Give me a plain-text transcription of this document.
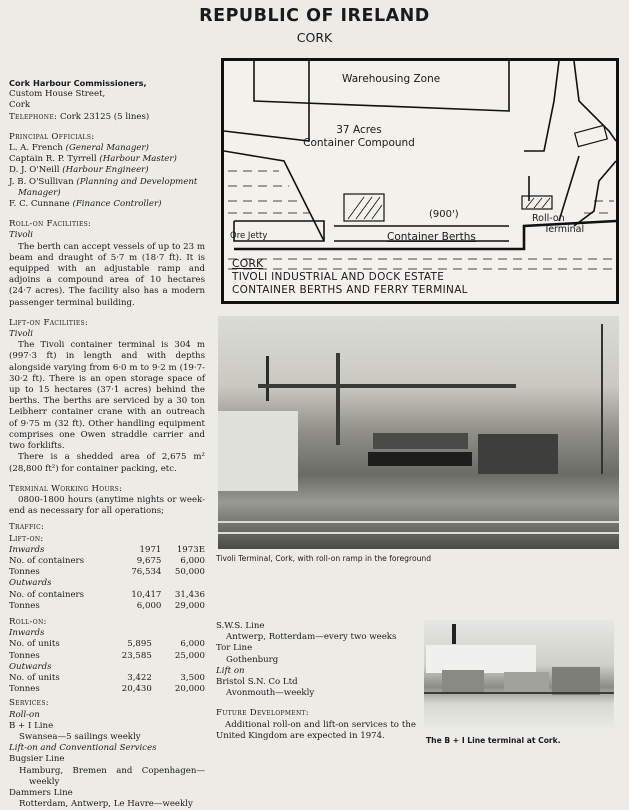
REPUBLIC OF IRELAND
CORK
Cork Harbour Commissioners,
Custom House Street,
Cork
Telephone: Cork 23125 (5 lines)
Principal Officials:
L. A. French (General Manager)
Captain R. P. Tyrrell (Harbour Master)
D. J. O'Neill (Harbour Engineer)
J. B. O'Sullivan (Planning and Development Manager)
F. C. Cunnane (Finance Controller)
Roll-on Facilities:
Tivoli
The berth can accept vessels of up to 23 m beam and draught of 5·7 m (18·7 ft). It is equipped with an adjustable ramp and adjoins a compound area of 10 hectares (24·7 acres). The facility also has a modern passenger terminal building.
Lift-on Facilities:
Tivoli
The Tivoli container terminal is 304 m (997·3 ft) in length and with depths alongside varying from 6·0 m to 9·2 m (19·7-30·2 ft). There is an open storage space of up to 15 hectares (37·1 acres) behind the berths. The berths are serviced by a 30 ton Leibherr container crane with an outreach of 9·75 m (32 ft). Other handling equipment comprises one Owen straddle carrier and two forklifts.
There is a shedded area of 2,675 m² (28,800 ft²) for container packing, etc.
Terminal Working Hours:
0800-1800 hours (anytime nights or week-end as necessary for all operations;
Traffic:
Lift-on:
Inwards	1971	1973E
No. of containers	9,675	6,000
Tonnes	76,534	50,000
Outwards		
No. of containers	10,417	31,436
Tonnes	6,000	29,000
Roll-on:
Inwards		
No. of units	5,895	6,000
Tonnes	23,585	25,000
Outwards		
No. of units	3,422	3,500
Tonnes	20,430	20,000
Services:
Roll-on
B + I Line
Swansea—5 sailings weekly
Lift-on and Conventional Services
Bugsier Line
Hamburg, Bremen and Copenhagen—weekly
Dammers Line
Rotterdam, Antwerp, Le Havre—weekly
Warehousing Zone
37 Acres
Container Compound
Ore Jetty
(900')
Container Berths
Roll-on
Terminal
CORK
TIVOLI INDUSTRIAL AND DOCK ESTATE
CONTAINER BERTHS AND FERRY TERMINAL
Tivoli Terminal, Cork, with roll-on ramp in the foreground
S.W.S. Line
Antwerp, Rotterdam—every two weeks
Tor Line
Gothenburg
Lift on
Bristol S.N. Co Ltd
Avonmouth—weekly
Future Development:
Additional roll-on and lift-on services to the United Kingdom are expected in 1974.	The B + I Line terminal at Cork.
